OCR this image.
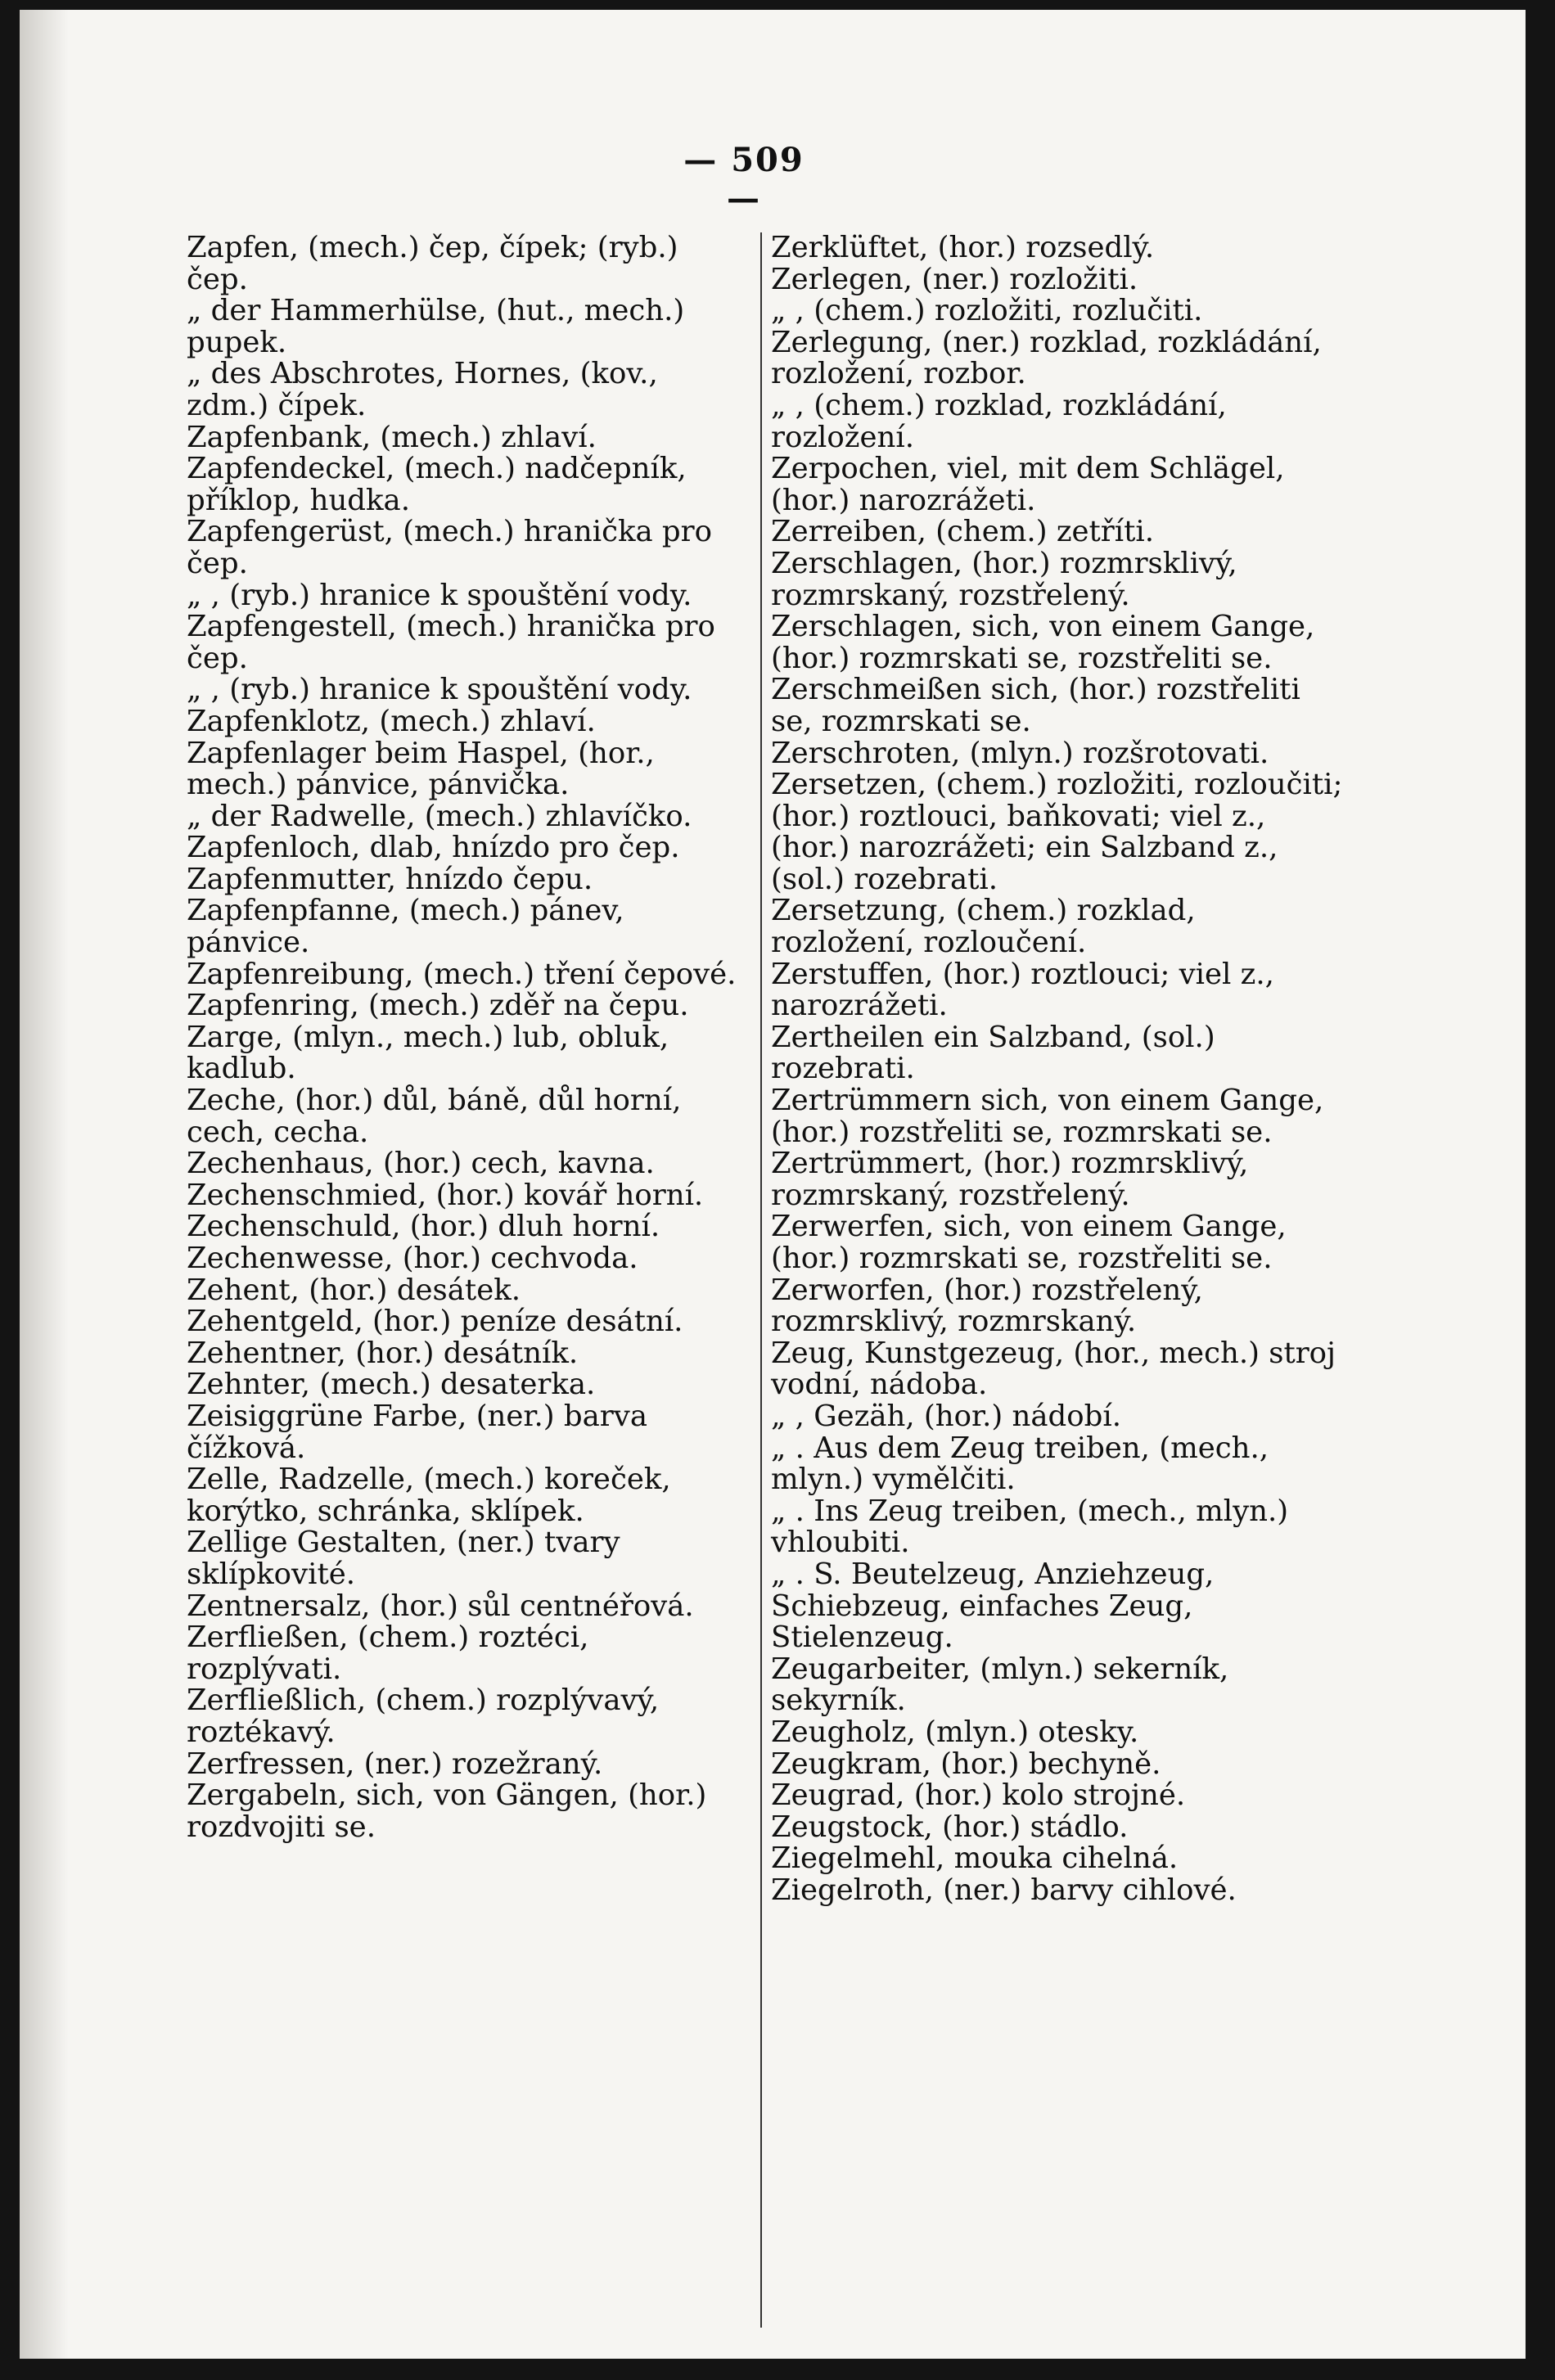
— 509 —

Zapfen, (mech.) čep, čípek; (ryb.) čep.

„ der Hammerhülse, (hut., mech.) pupek.

„ des Abschrotes, Hornes, (kov., zdm.) čípek.

Zapfenbank, (mech.) zhlaví.

Zapfendeckel, (mech.) nadčepník, příklop, hudka.

Zapfengerüst, (mech.) hranička pro čep.

„ , (ryb.) hranice k spouštění vody.

Zapfengestell, (mech.) hranička pro čep.

„ , (ryb.) hranice k spouštění vody.

Zapfenklotz, (mech.) zhlaví.

Zapfenlager beim Haspel, (hor., mech.) pánvice, pánvička.

„ der Radwelle, (mech.) zhlavíčko.

Zapfenloch, dlab, hnízdo pro čep.

Zapfenmutter, hnízdo čepu.

Zapfenpfanne, (mech.) pánev, pánvice.

Zapfenreibung, (mech.) tření čepové.

Zapfenring, (mech.) zděř na čepu.

Zarge, (mlyn., mech.) lub, obluk, kadlub.

Zeche, (hor.) důl, báně, důl horní, cech, cecha.

Zechenhaus, (hor.) cech, kavna.

Zechenschmied, (hor.) kovář horní.

Zechenschuld, (hor.) dluh horní.

Zechenwesse, (hor.) cechvoda.

Zehent, (hor.) desátek.

Zehentgeld, (hor.) peníze desátní.

Zehentner, (hor.) desátník.

Zehnter, (mech.) desaterka.

Zeisiggrüne Farbe, (ner.) barva čížková.

Zelle, Radzelle, (mech.) koreček, korýtko, schránka, sklípek.

Zellige Gestalten, (ner.) tvary sklípkovité.

Zentnersalz, (hor.) sůl centnéřová.

Zerfließen, (chem.) roztéci, rozplývati.

Zerfließlich, (chem.) rozplývavý, roztékavý.

Zerfressen, (ner.) rozežraný.

Zergabeln, sich, von Gängen, (hor.) rozdvojiti se.

Zerklüftet, (hor.) rozsedlý.

Zerlegen, (ner.) rozložiti.

„ , (chem.) rozložiti, rozlučiti.

Zerlegung, (ner.) rozklad, rozkládání, rozložení, rozbor.

„ , (chem.) rozklad, rozkládání, rozložení.

Zerpochen, viel, mit dem Schlägel, (hor.) narozrážeti.

Zerreiben, (chem.) zetříti.

Zerschlagen, (hor.) rozmrsklivý, rozmrskaný, rozstřelený.

Zerschlagen, sich, von einem Gange, (hor.) rozmrskati se, rozstřeliti se.

Zerschmeißen sich, (hor.) rozstřeliti se, rozmrskati se.

Zerschroten, (mlyn.) rozšrotovati.

Zersetzen, (chem.) rozložiti, rozloučiti; (hor.) roztlouci, baňkovati; viel z., (hor.) narozrážeti; ein Salzband z., (sol.) rozebrati.

Zersetzung, (chem.) rozklad, rozložení, rozloučení.

Zerstuffen, (hor.) roztlouci; viel z., narozrážeti.

Zertheilen ein Salzband, (sol.) rozebrati.

Zertrümmern sich, von einem Gange, (hor.) rozstřeliti se, rozmrskati se.

Zertrümmert, (hor.) rozmrsklivý, rozmrskaný, rozstřelený.

Zerwerfen, sich, von einem Gange, (hor.) rozmrskati se, rozstřeliti se.

Zerworfen, (hor.) rozstřelený, rozmrsklivý, rozmrskaný.

Zeug, Kunstgezeug, (hor., mech.) stroj vodní, nádoba.

„ , Gezäh, (hor.) nádobí.

„ . Aus dem Zeug treiben, (mech., mlyn.) vymělčiti.

„ . Ins Zeug treiben, (mech., mlyn.) vhloubiti.

„ . S. Beutelzeug, Anziehzeug, Schiebzeug, einfaches Zeug, Stielenzeug.

Zeugarbeiter, (mlyn.) sekerník, sekyrník.

Zeugholz, (mlyn.) otesky.

Zeugkram, (hor.) bechyně.

Zeugrad, (hor.) kolo strojné.

Zeugstock, (hor.) stádlo.

Ziegelmehl, mouka cihelná.

Ziegelroth, (ner.) barvy cihlové.
